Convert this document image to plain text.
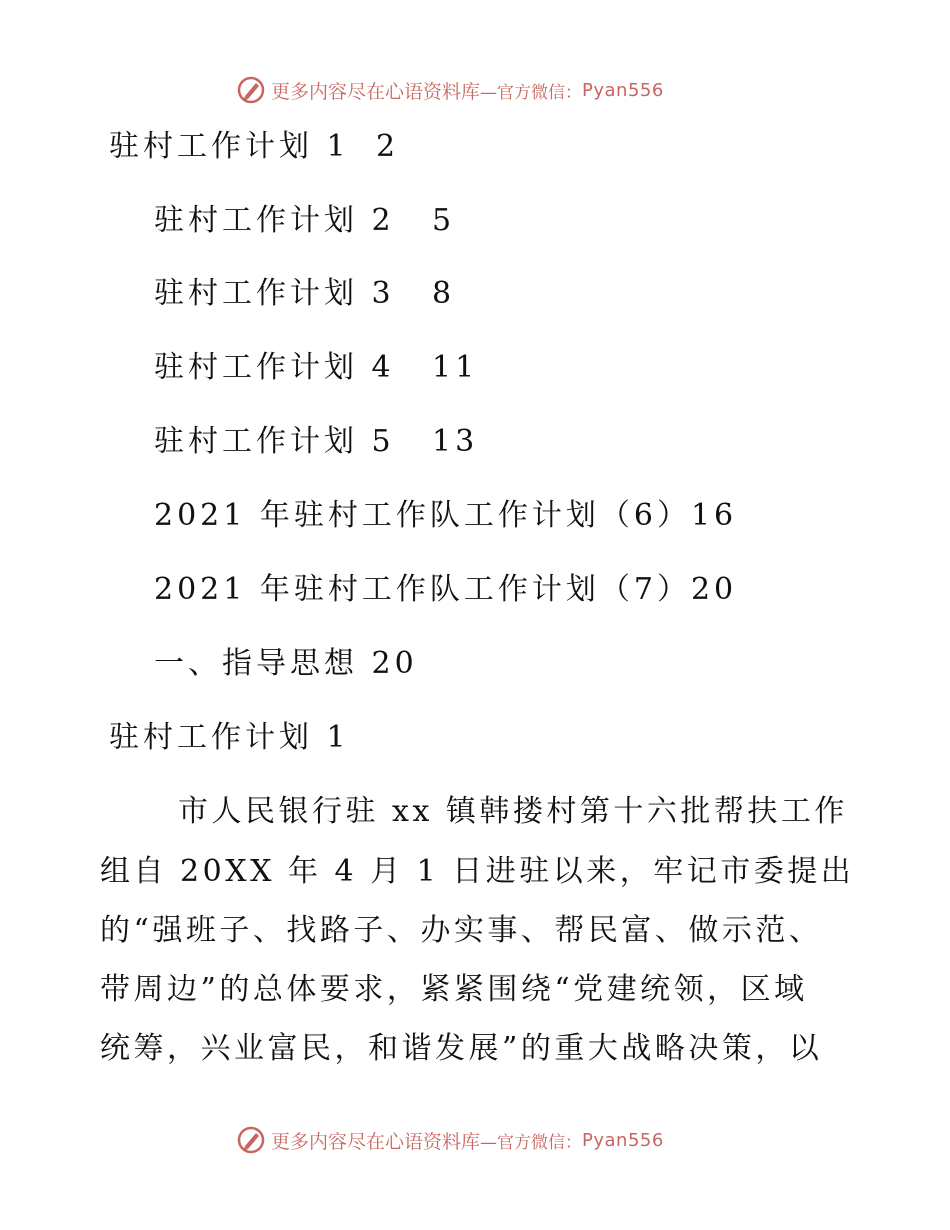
更多内容尽在心语资料库 —官方微信： Pyan556
驻村工作计划 1 2
驻村工作计划 2 5
驻村工作计划 3 8
驻村工作计划 4 11
驻村工作计划 5 13
2021 年驻村工作队工作计划（6）16
2021 年驻村工作队工作计划（7）20
一、指导思想 20
驻村工作计划 1
市人民银行驻 xx 镇韩搂村第十六批帮扶工作
组自 20XX 年 4 月 1 日进驻以来，牢记市委提出
的“强班子、找路子、办实事、帮民富、做示范、
带周边”的总体要求，紧紧围绕“党建统领，区域
统筹，兴业富民，和谐发展”的重大战略决策，以
更多内容尽在心语资料库 —官方微信： Pyan556
